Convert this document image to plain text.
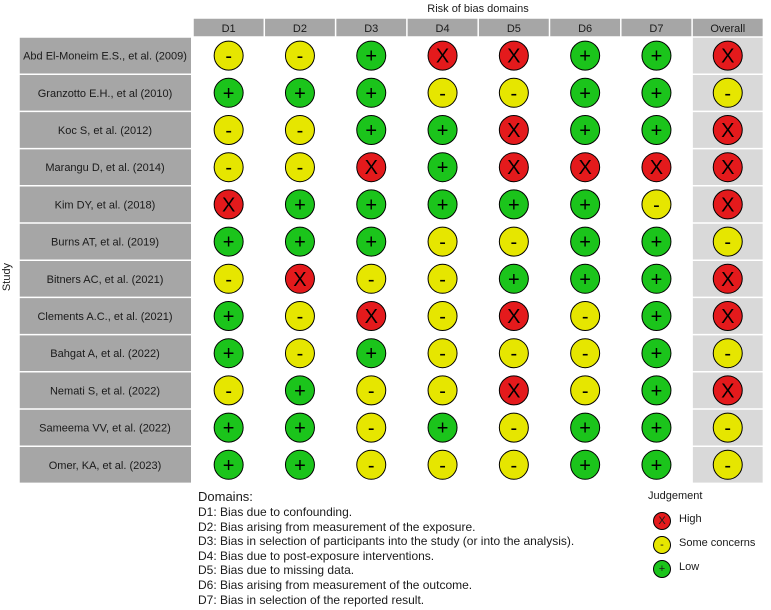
Risk of bias domains
Study
D1	D2	D3	D4	D5	D6	D7	Overall
Abd El-Moneim E.S., et al. (2009) -	-	+	X	X	+	+	X
Granzotto E.H., et al (2010)	+	+	+	-	-	+	+	-
Koc S, et al. (2012)	-	-	+	+	X	+	+	X
Marangu D, et al. (2014)	-	-	X	+	X	X	X	X
Kim DY, et al. (2018)	X	+	+	+	+	+	-	X
Burns AT, et al. (2019)	+	+	+	-	-	+	+	-
Bitners AC, et al. (2021)	-	X	-	-	+	+	+	X
Clements A.C., et al. (2021)	+	-	X	-	X	-	+	X
Bahgat A, et al. (2022)	+	-	+	-	-	-	+	-
Nemati S, et al. (2022)	-	+	-	-	X	-	+	X
Sameema VV, et al. (2022)	+	+	-	+	-	+	+	-
Omer, KA, et al. (2023)	+	+	-	-	-	+	+	-
Domains:
D1: Bias due to confounding.
D2: Bias arising from measurement of the exposure.
D3: Bias in selection of participants into the study (or into the analysis).
D4: Bias due to post-exposure interventions.
D5: Bias due to missing data.
D6: Bias arising from measurement of the outcome.
D7: Bias in selection of the reported result.
Judgement
X	High
-	Some concerns
+	Low
